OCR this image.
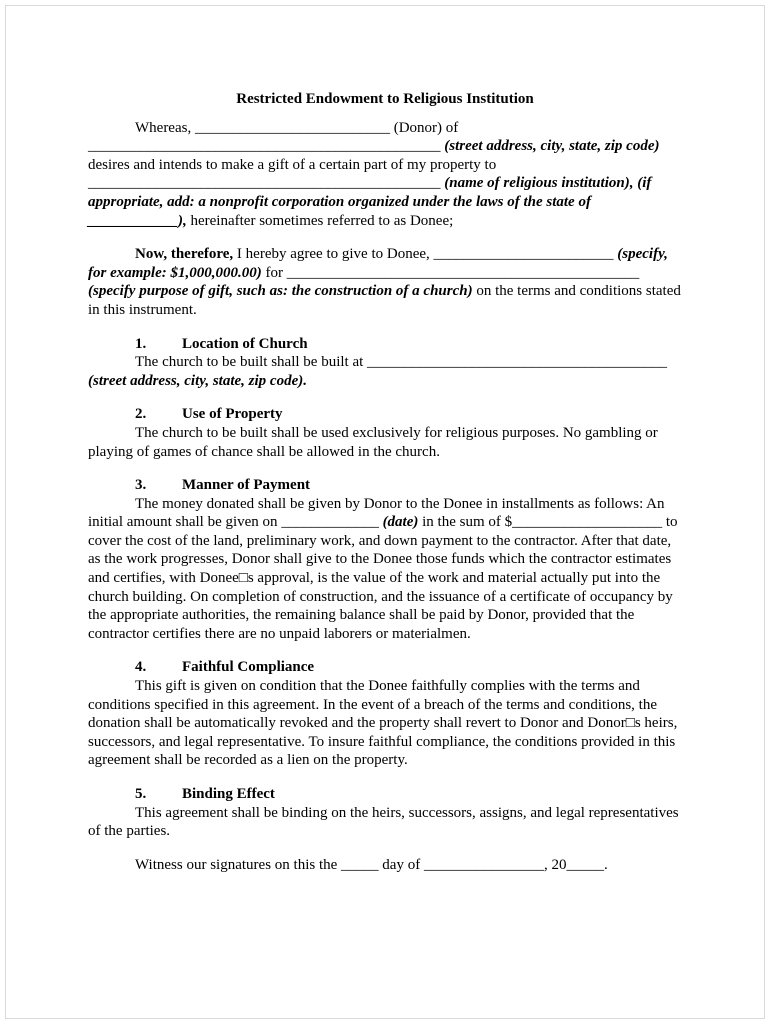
Restricted Endowment to Religious Institution

Whereas, __________________________ (Donor) of _______________________________________________ (street address, city, state, zip code) desires and intends to make a gift of a certain part of my property to _______________________________________________ (name of religious institution), (if appropriate, add: a nonprofit corporation organized under the laws of the state of ____________), hereinafter sometimes referred to as Donee;

Now, therefore, I hereby agree to give to Donee, ________________________ (specify, for example: $1,000,000.00) for _______________________________________________ (specify purpose of gift, such as: the construction of a church) on the terms and conditions stated in this instrument.

1. Location of Church

The church to be built shall be built at ________________________________________ (street address, city, state, zip code).

2. Use of Property

The church to be built shall be used exclusively for religious purposes. No gambling or playing of games of chance shall be allowed in the church.

3. Manner of Payment

The money donated shall be given by Donor to the Donee in installments as follows: An initial amount shall be given on _____________ (date) in the sum of $____________________ to cover the cost of the land, preliminary work, and down payment to the contractor. After that date, as the work progresses, Donor shall give to the Donee those funds which the contractor estimates and certifies, with Donee□s approval, is the value of the work and material actually put into the church building. On completion of construction, and the issuance of a certificate of occupancy by the appropriate authorities, the remaining balance shall be paid by Donor, provided that the contractor certifies there are no unpaid laborers or materialmen.

4. Faithful Compliance

This gift is given on condition that the Donee faithfully complies with the terms and conditions specified in this agreement. In the event of a breach of the terms and conditions, the donation shall be automatically revoked and the property shall revert to Donor and Donor□s heirs, successors, and legal representative. To insure faithful compliance, the conditions provided in this agreement shall be recorded as a lien on the property.

5. Binding Effect

This agreement shall be binding on the heirs, successors, assigns, and legal representatives of the parties.

Witness our signatures on this the _____ day of ________________, 20_____.
